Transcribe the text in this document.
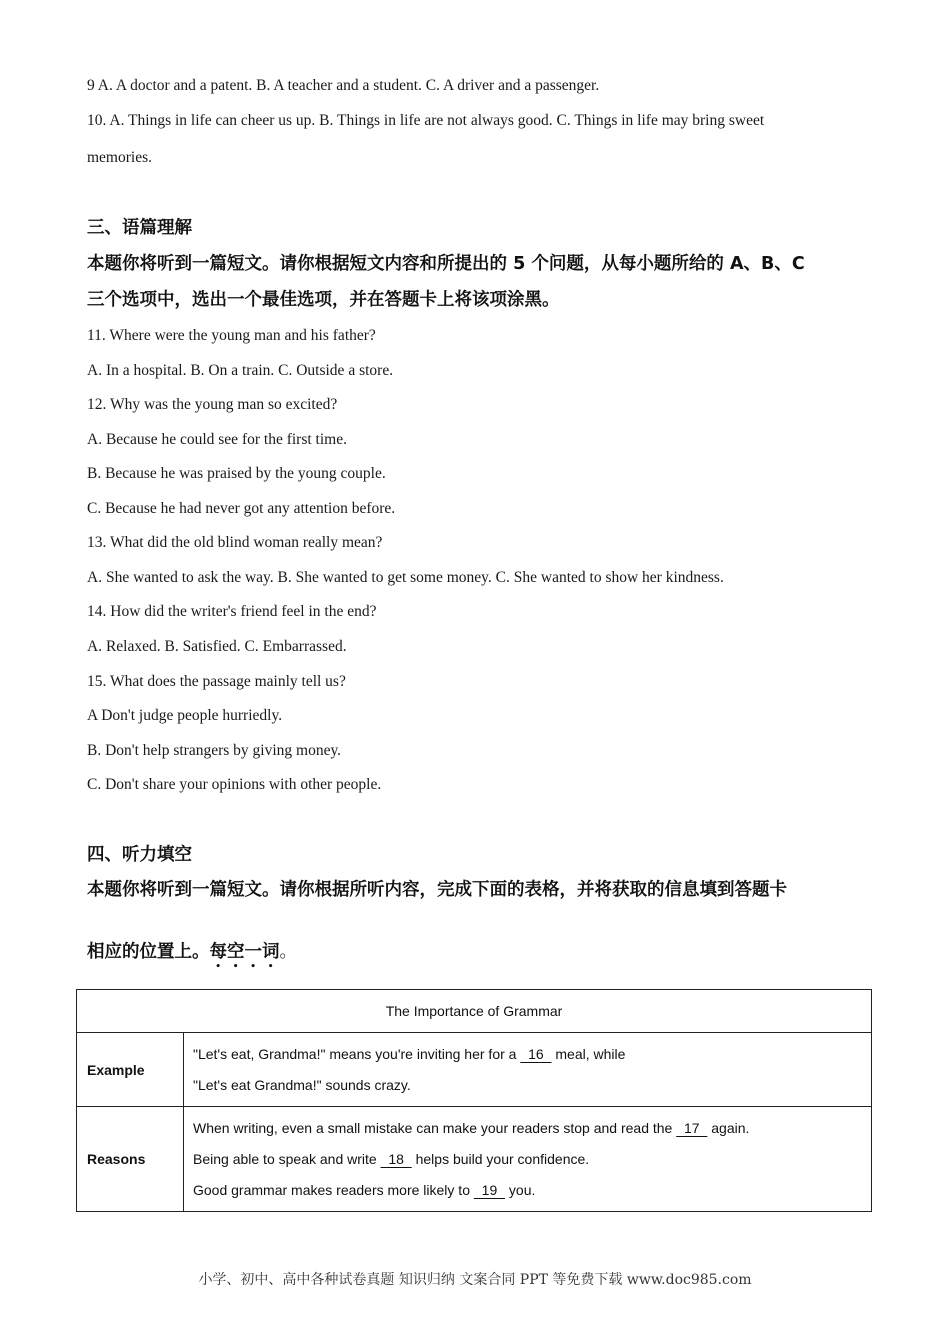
9 A. A doctor and a patent. B. A teacher and a student. C. A driver and a passenger.
10. A. Things in life can cheer us up. B. Things in life are not always good. C. Things in life may bring sweet
memories.
三、语篇理解
本题你将听到一篇短文。请你根据短文内容和所提出的 5 个问题，从每小题所给的 A、B、C
三个选项中，选出一个最佳选项，并在答题卡上将该项涂黑。
11. Where were the young man and his father?
A. In a hospital. B. On a train. C. Outside a store.
12. Why was the young man so excited?
A. Because he could see for the first time.
B. Because he was praised by the young couple.
C. Because he had never got any attention before.
13. What did the old blind woman really mean?
A. She wanted to ask the way. B. She wanted to get some money. C. She wanted to show her kindness.
14. How did the writer's friend feel in the end?
A. Relaxed. B. Satisfied. C. Embarrassed.
15. What does the passage mainly tell us?
A Don't judge people hurriedly.
B. Don't help strangers by giving money.
C. Don't share your opinions with other people.
四、听力填空
本题你将听到一篇短文。请你根据所听内容，完成下面的表格，并将获取的信息填到答题卡
相应的位置上。每空一词。
The Importance of Grammar	
Example	"Let's eat, Grandma!" means you're inviting her for a   16   meal, while
"Let's eat Grandma!" sounds crazy.

Reasons	When writing, even a small mistake can make your readers stop and read the   17   again.
Being able to speak and write   18   helps build your confidence.
Good grammar makes readers more likely to   19   you.
小学、初中、高中各种试卷真题 知识归纳 文案合同 PPT 等免费下载 www.doc985.com
